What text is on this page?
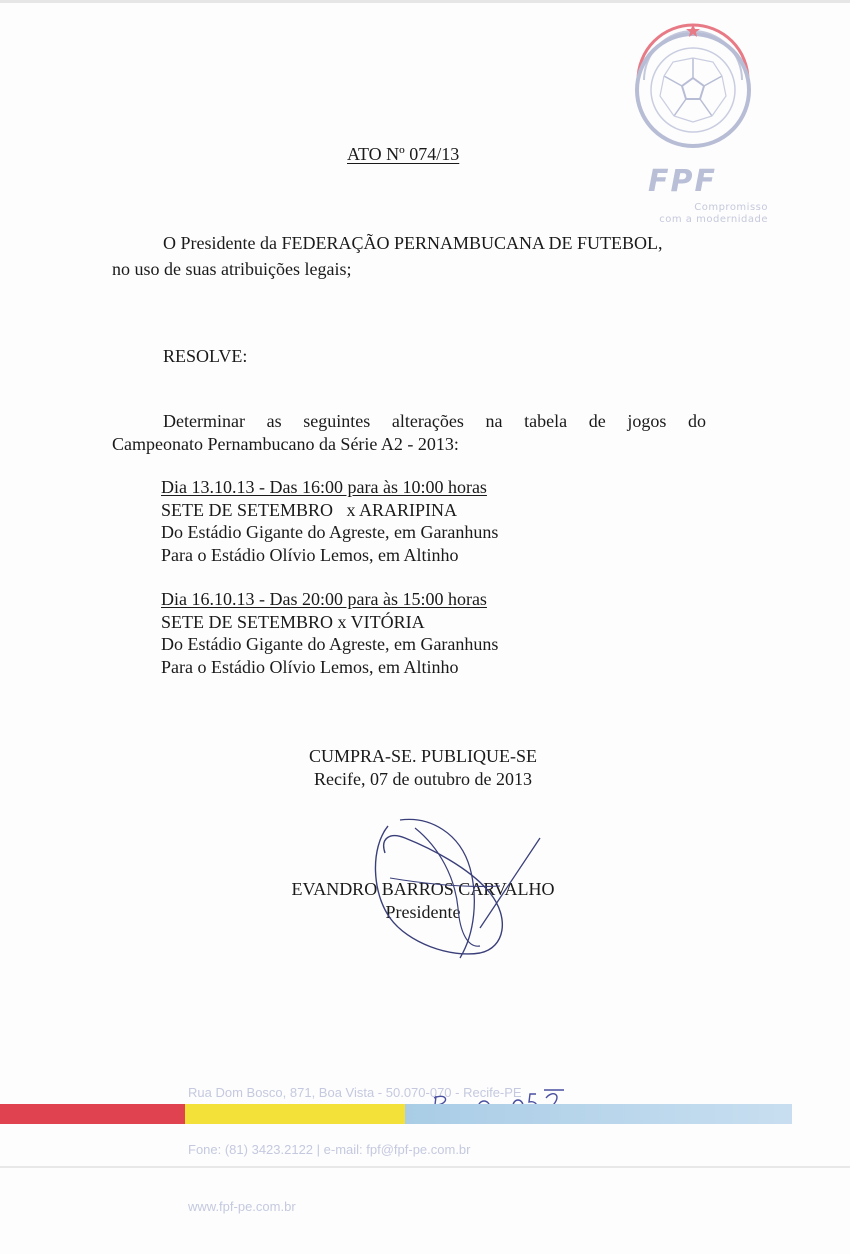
FPF
Compromisso
com a modernidade
ATO Nº 074/13
O Presidente da FEDERAÇÃO PERNAMBUCANA DE FUTEBOL,
no uso de suas atribuições legais;
RESOLVE:
Determinar as seguintes alterações na tabela de jogos do
Campeonato Pernambucano da Série A2 - 2013:
Dia 13.10.13 - Das 16:00 para às 10:00 horas
SETE DE SETEMBRO   x ARARIPINA
Do Estádio Gigante do Agreste, em Garanhuns
Para o Estádio Olívio Lemos, em Altinho
Dia 16.10.13 - Das 20:00 para às 15:00 horas
SETE DE SETEMBRO x VITÓRIA
Do Estádio Gigante do Agreste, em Garanhuns
Para o Estádio Olívio Lemos, em Altinho
CUMPRA-SE. PUBLIQUE-SE
Recife, 07 de outubro de 2013
EVANDRO BARROS CARVALHO
Presidente

Rua Dom Bosco, 871, Boa Vista - 50.070-070 - Recife-PE

Fone: (81) 3423.2122 | e-mail: fpf@fpf-pe.com.br

www.fpf-pe.com.br
